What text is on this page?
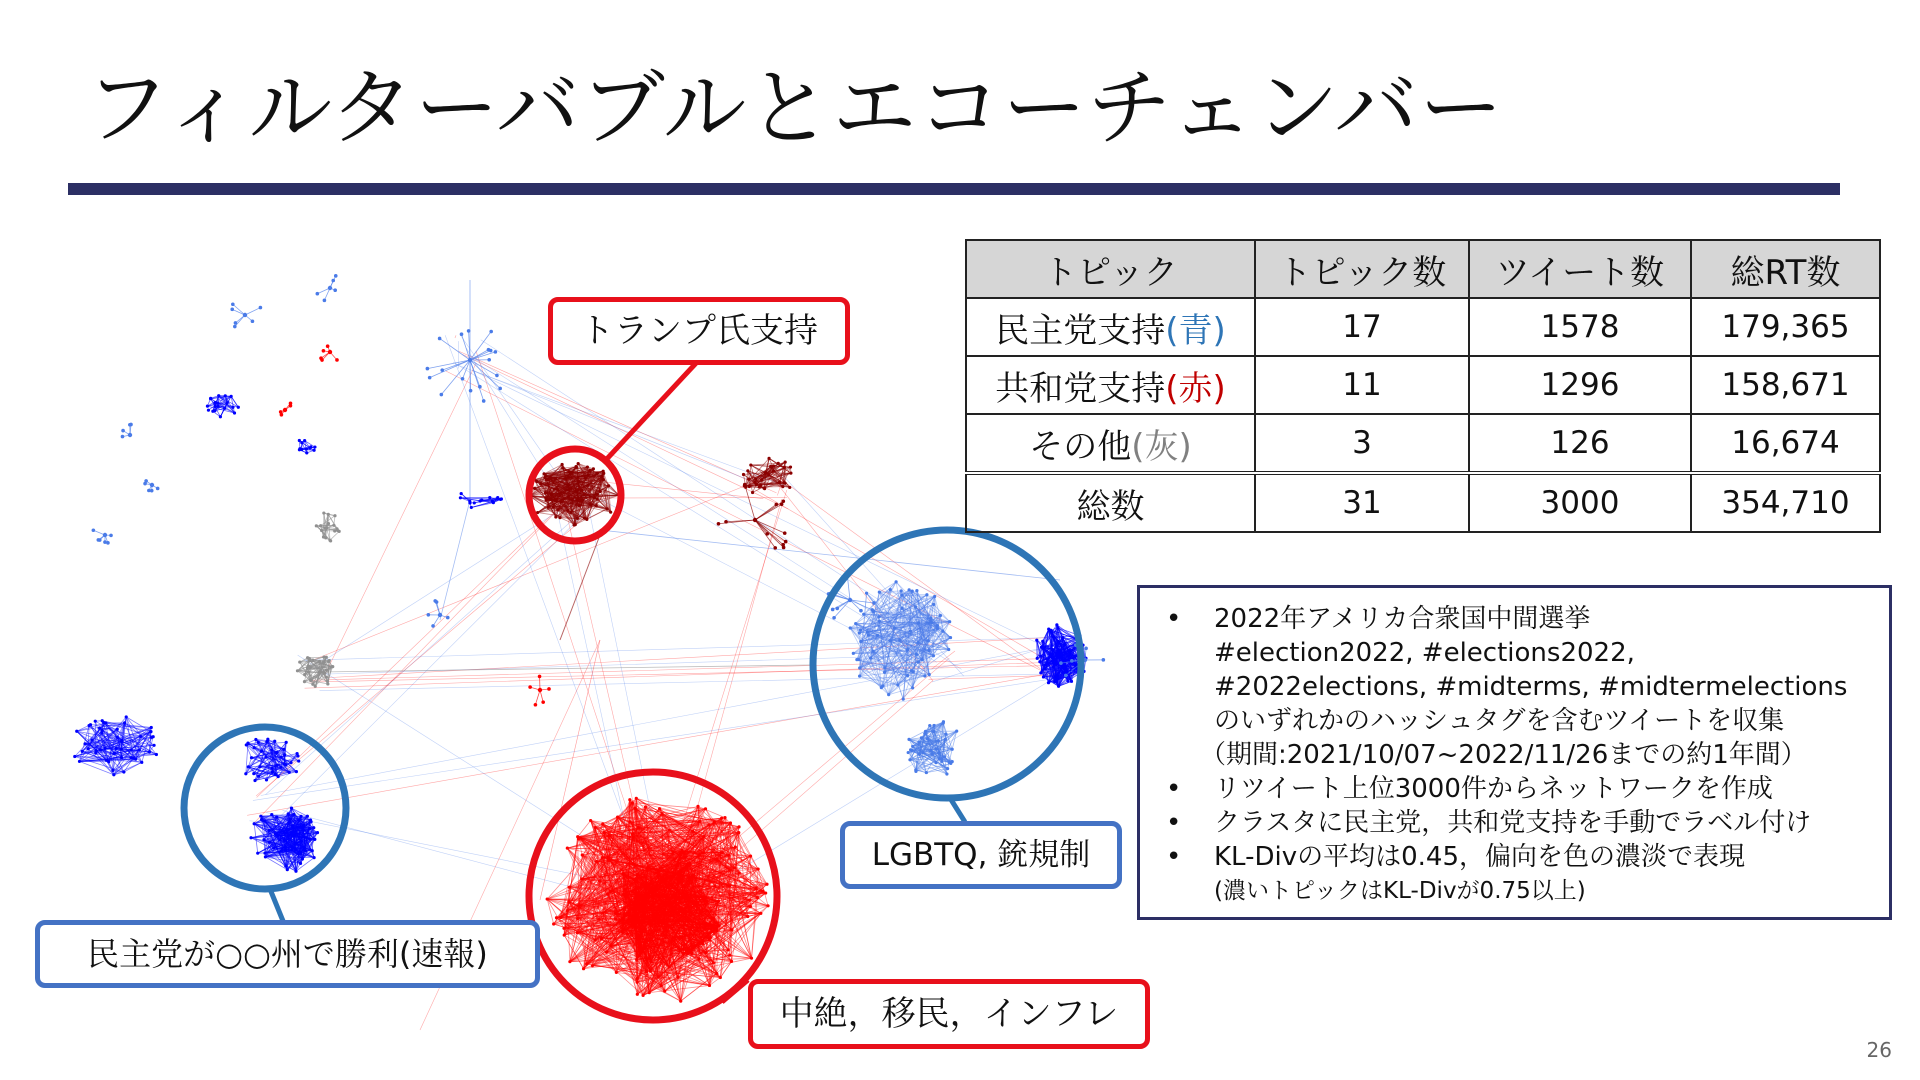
フィルターバブルとエコーチェンバー
トランプ氏支持
LGBTQ, 銃規制
民主党が○○州で勝利(速報)
中絶，移民，インフレ
トピック	トピック数	ツイート数	総RT数
民主党支持(青)	17	1578	179,365
共和党支持(赤)	11	1296	158,671
その他(灰)	3	126	16,674
総数	31	3000	354,710
• 2022年アメリカ合衆国中間選挙
#election2022, #elections2022,
#2022elections, #midterms, #midtermelections
のいずれかのハッシュタグを含むツイートを収集
（期間:2021/10/07~2022/11/26までの約1年間）
• リツイート上位3000件からネットワークを作成
• クラスタに民主党，共和党支持を手動でラベル付け
• KL-Divの平均は0.45，偏向を色の濃淡で表現
(濃いトピックはKL-Divが0.75以上)
26
